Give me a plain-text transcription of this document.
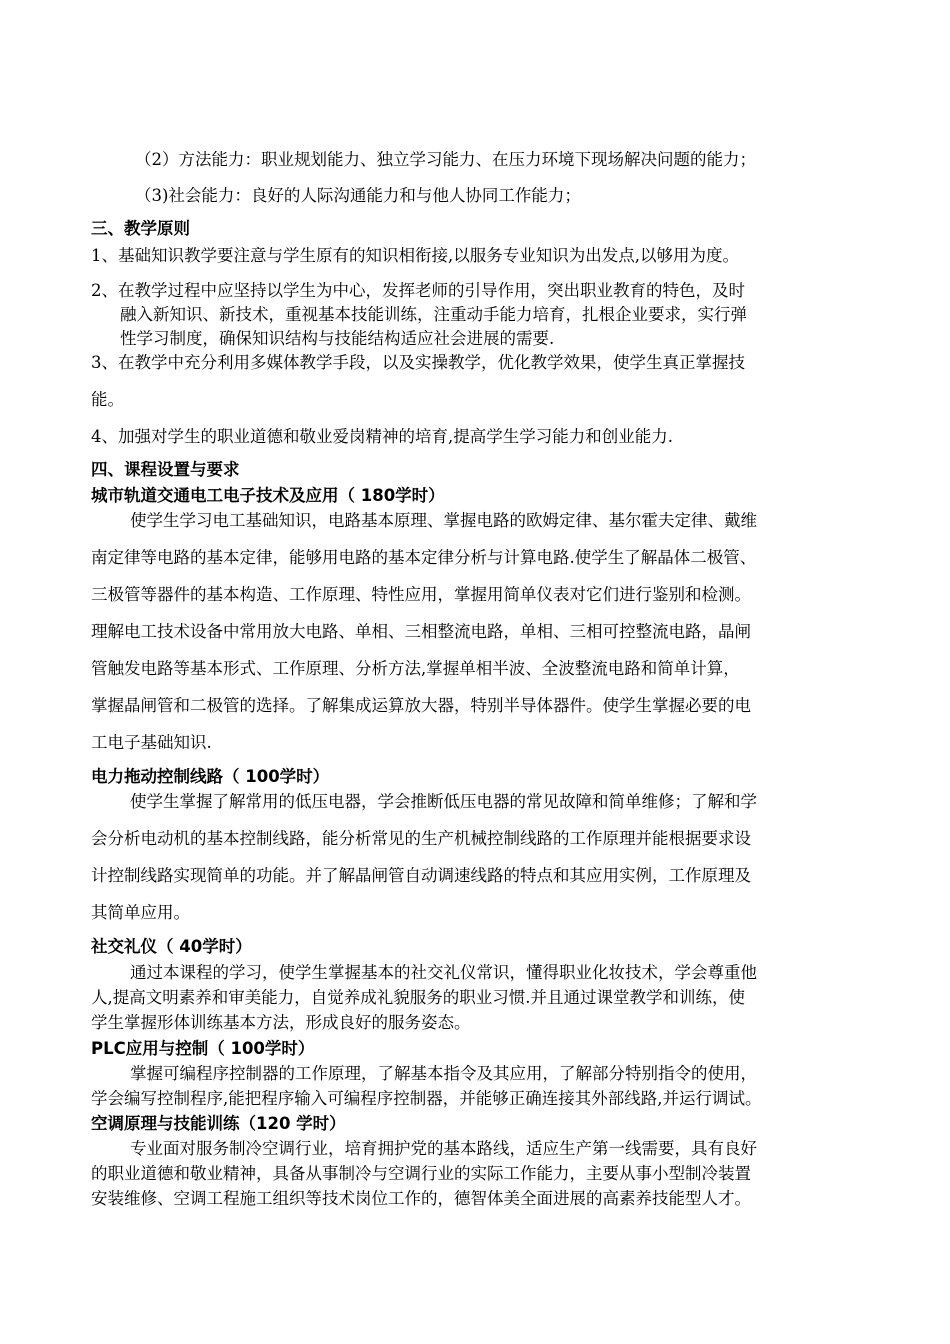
（2）方法能力：职业规划能力、独立学习能力、在压力环境下现场解决问题的能力；
（3)社会能力：良好的人际沟通能力和与他人协同工作能力；
三、教学原则
1、基础知识教学要注意与学生原有的知识相衔接,以服务专业知识为出发点,以够用为度。
2、在教学过程中应坚持以学生为中心，发挥老师的引导作用，突出职业教育的特色，及时
融入新知识、新技术，重视基本技能训练，注重动手能力培育，扎根企业要求，实行弹
性学习制度，确保知识结构与技能结构适应社会进展的需要.
3、在教学中充分利用多媒体教学手段，以及实操教学，优化教学效果，使学生真正掌握技
能。
4、加强对学生的职业道德和敬业爱岗精神的培育,提高学生学习能力和创业能力.
四、课程设置与要求
城市轨道交通电工电子技术及应用（ 180学时）
使学生学习电工基础知识，电路基本原理、掌握电路的欧姆定律、基尔霍夫定律、戴维
南定律等电路的基本定律，能够用电路的基本定律分析与计算电路.使学生了解晶体二极管、
三极管等器件的基本构造、工作原理、特性应用，掌握用简单仪表对它们进行鉴别和检测。
理解电工技术设备中常用放大电路、单相、三相整流电路，单相、三相可控整流电路，晶闸
管触发电路等基本形式、工作原理、分析方法,掌握单相半波、全波整流电路和简单计算，
掌握晶闸管和二极管的选择。了解集成运算放大器，特别半导体器件。使学生掌握必要的电
工电子基础知识.
电力拖动控制线路（ 100学时）
使学生掌握了解常用的低压电器，学会推断低压电器的常见故障和简单维修；了解和学
会分析电动机的基本控制线路，能分析常见的生产机械控制线路的工作原理并能根据要求设
计控制线路实现简单的功能。并了解晶闸管自动调速线路的特点和其应用实例，工作原理及
其简单应用。
社交礼仪（ 40学时）
通过本课程的学习，使学生掌握基本的社交礼仪常识，懂得职业化妆技术，学会尊重他
人,提高文明素养和审美能力，自觉养成礼貌服务的职业习惯.并且通过课堂教学和训练，使
学生掌握形体训练基本方法，形成良好的服务姿态。
PLC应用与控制（ 100学时）
掌握可编程序控制器的工作原理，了解基本指令及其应用，了解部分特别指令的使用，
学会编写控制程序,能把程序输入可编程序控制器，并能够正确连接其外部线路,并运行调试。
空调原理与技能训练（120 学时）
专业面对服务制冷空调行业，培育拥护党的基本路线，适应生产第一线需要，具有良好
的职业道德和敬业精神，具备从事制冷与空调行业的实际工作能力，主要从事小型制冷装置
安装维修、空调工程施工组织等技术岗位工作的，德智体美全面进展的高素养技能型人才。
